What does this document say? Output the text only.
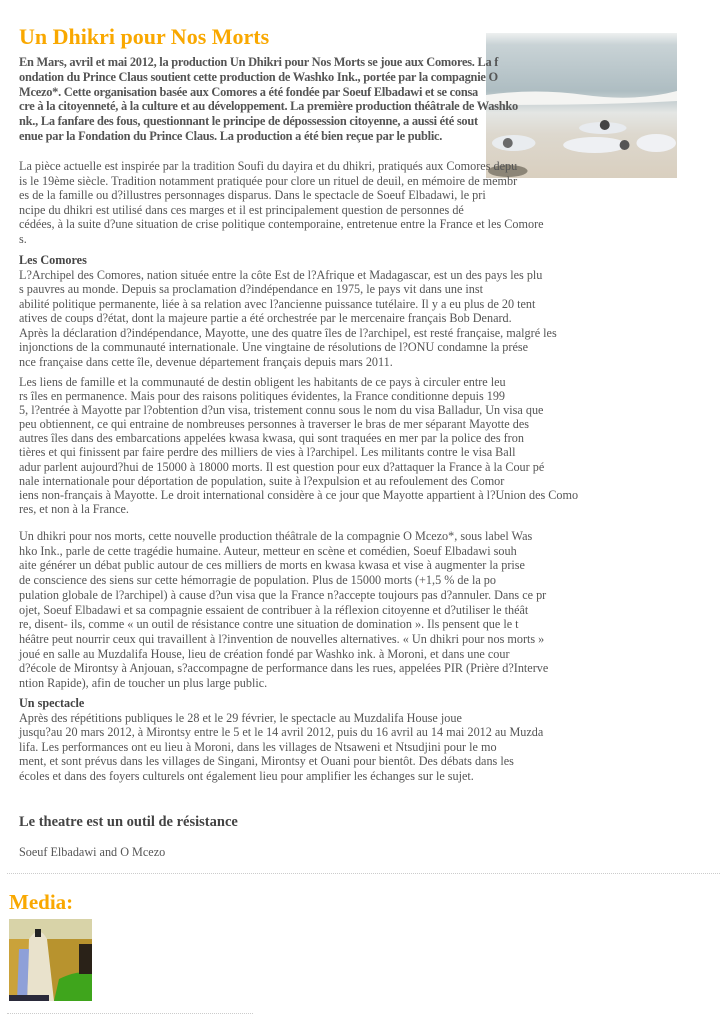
Un Dhikri pour Nos Morts
En Mars, avril et mai 2012, la production Un Dhikri pour Nos Morts se joue aux Comores. La f
ondation du Prince Claus soutient cette production de Washko Ink., portée par la compagnie O
Mcezo*. Cette organisation basée aux Comores a été fondée par Soeuf Elbadawi et se consa
cre à la citoyenneté, à la culture et au développement. La première production théâtrale de Washko
nk., La fanfare des fous, questionnant le principe de dépossession citoyenne, a aussi été sout
enue par la Fondation du Prince Claus. La production a été bien reçue par le public.
La pièce actuelle est inspirée par la tradition Soufi du dayira et du dhikri, pratiqués aux Comores depu
is le 19ème siècle. Tradition notamment pratiquée pour clore un rituel de deuil, en mémoire de membr
es de la famille ou d?illustres personnages disparus. Dans le spectacle de Soeuf Elbadawi, le pri
ncipe du dhikri est utilisé dans ces marges et il est principalement question de personnes dé
cédées, à la suite d?une situation de crise politique contemporaine, entretenue entre la France et les Comore
s.
Les Comores
L?Archipel des Comores, nation située entre la côte Est de l?Afrique et Madagascar, est un des pays les plu
s pauvres au monde. Depuis sa proclamation d?indépendance en 1975, le pays vit dans une inst
abilité politique permanente, liée à sa relation avec l?ancienne puissance tutélaire. Il y a eu plus de 20 tent
atives de coups d?état, dont la majeure partie a été orchestrée par le mercenaire français Bob Denard.
Après la déclaration d?indépendance, Mayotte, une des quatre îles de l?archipel, est resté française, malgré les
injonctions de la communauté internationale. Une vingtaine de résolutions de l?ONU condamne la prése
nce française dans cette île, devenue département français depuis mars 2011.
Les liens de famille et la communauté de destin obligent les habitants de ce pays à circuler entre leu
rs îles en permanence. Mais pour des raisons politiques évidentes, la France conditionne depuis 199
5, l?entrée à Mayotte par l?obtention d?un visa, tristement connu sous le nom du visa Balladur, Un visa que
peu obtiennent, ce qui entraine de nombreuses personnes à traverser le bras de mer séparant Mayotte des
autres îles dans des embarcations appelées kwasa kwasa, qui sont traquées en mer par la police des fron
tières et qui finissent par faire perdre des milliers de vies à l?archipel. Les militants contre le visa Ball
adur parlent aujourd?hui de 15000 à 18000 morts. Il est question pour eux d?attaquer la France à la Cour pé
nale internationale pour déportation de population, suite à l?expulsion et au refoulement des Comor
iens non-français à Mayotte. Le droit international considère à ce jour que Mayotte appartient à l?Union des Como
res, et non à la France.
Un dhikri pour nos morts, cette nouvelle production théâtrale de la compagnie O Mcezo*, sous label Was
hko Ink., parle de cette tragédie humaine. Auteur, metteur en scène et comédien, Soeuf Elbadawi souh
aite générer un débat public autour de ces milliers de morts en kwasa kwasa et vise à augmenter la prise
de conscience des siens sur cette hémorragie de population. Plus de 15000 morts (+1,5 % de la po
pulation globale de l?archipel) à cause d?un visa que la France n?accepte toujours pas d?annuler. Dans ce pr
ojet, Soeuf Elbadawi et sa compagnie essaient de contribuer à la réflexion citoyenne et d?utiliser le théât
re, disent- ils, comme « un outil de résistance contre une situation de domination ». Ils pensent que le t
héâtre peut nourrir ceux qui travaillent à l?invention de nouvelles alternatives. « Un dhikri pour nos morts »
joué en salle au Muzdalifa House, lieu de création fondé par Washko ink. à Moroni, et dans une cour
d?école de Mirontsy à Anjouan, s?accompagne de performance dans les rues, appelées PIR (Prière d?Interve
ntion Rapide), afin de toucher un plus large public.
Un spectacle
Après des répétitions publiques le 28 et le 29 février, le spectacle au Muzdalifa House joue
jusqu?au 20 mars 2012, à Mirontsy entre le 5 et le 14 avril 2012, puis du 16 avril au 14 mai 2012 au Muzda
lifa. Les performances ont eu lieu à Moroni, dans les villages de Ntsaweni et Ntsudjini pour le mo
ment, et sont prévus dans les villages de Singani, Mirontsy et Ouani pour bientôt. Des débats dans les
écoles et dans des foyers culturels ont également lieu pour amplifier les échanges sur le sujet.
Le theatre est un outil de résistance
Soeuf Elbadawi and O Mcezo
Media:
